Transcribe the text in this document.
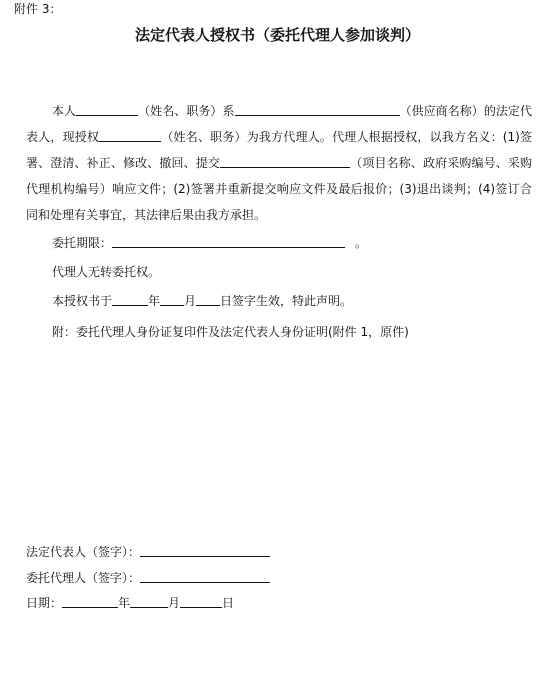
附件 3：
法定代表人授权书（委托代理人参加谈判）
本人	（姓名、职务）系	（供应商名称）的法定代表人，现授权	（姓名、职务）为我方代理人。代理人根据授权，以我方名义：(1)签署、澄清、补正、修改、撤回、提交	（项目名称、政府采购编号、采购代理机构编号）响应文件；(2)签署并重新提交响应文件及最后报价；(3)退出谈判；(4)签订合同和处理有关事宜，其法律后果由我方承担。
委托期限：	。
代理人无转委托权。
本授权书于	年 月 日签字生效，特此声明。
附：委托代理人身份证复印件及法定代表人身份证明(附件 1，原件)
法定代表人（签字）：
委托代理人（签字）：
日期：	年	月	日
